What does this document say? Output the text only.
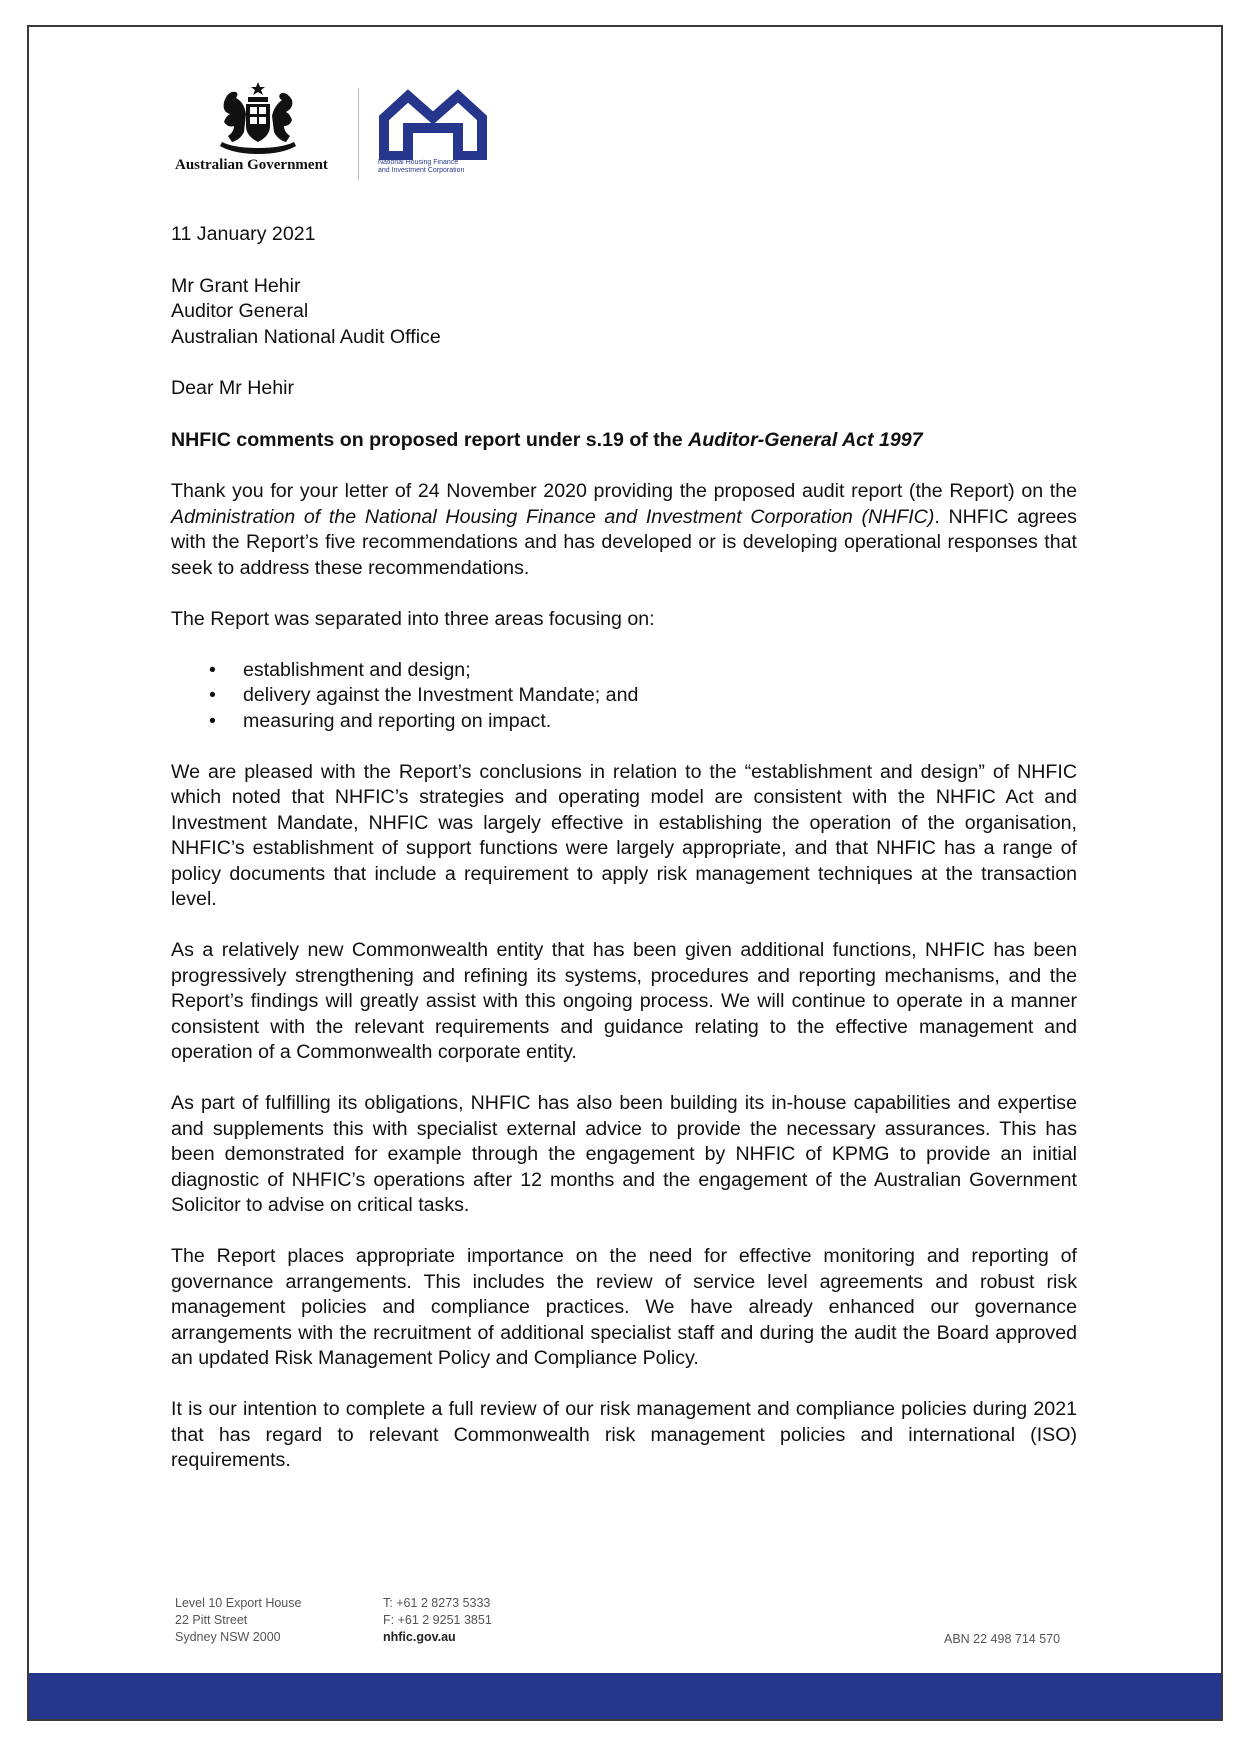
Australian Government	National Housing Finance
and Investment Corporation

11 January 2021

Mr Grant Hehir
Auditor General
Australian National Audit Office

Dear Mr Hehir

NHFIC comments on proposed report under s.19 of the Auditor-General Act 1997

Thank you for your letter of 24 November 2020 providing the proposed audit report (the Report) on the Administration of the National Housing Finance and Investment Corporation (NHFIC). NHFIC agrees with the Report’s five recommendations and has developed or is developing operational responses that seek to address these recommendations.

The Report was separated into three areas focusing on:

• establishment and design;
• delivery against the Investment Mandate; and
• measuring and reporting on impact.

We are pleased with the Report’s conclusions in relation to the “establishment and design” of NHFIC which noted that NHFIC’s strategies and operating model are consistent with the NHFIC Act and Investment Mandate, NHFIC was largely effective in establishing the operation of the organisation, NHFIC’s establishment of support functions were largely appropriate, and that NHFIC has a range of policy documents that include a requirement to apply risk management techniques at the transaction level.

As a relatively new Commonwealth entity that has been given additional functions, NHFIC has been progressively strengthening and refining its systems, procedures and reporting mechanisms, and the Report’s findings will greatly assist with this ongoing process. We will continue to operate in a manner consistent with the relevant requirements and guidance relating to the effective management and operation of a Commonwealth corporate entity.

As part of fulfilling its obligations, NHFIC has also been building its in-house capabilities and expertise and supplements this with specialist external advice to provide the necessary assurances. This has been demonstrated for example through the engagement by NHFIC of KPMG to provide an initial diagnostic of NHFIC’s operations after 12 months and the engagement of the Australian Government Solicitor to advise on critical tasks.

The Report places appropriate importance on the need for effective monitoring and reporting of governance arrangements. This includes the review of service level agreements and robust risk management policies and compliance practices. We have already enhanced our governance arrangements with the recruitment of additional specialist staff and during the audit the Board approved an updated Risk Management Policy and Compliance Policy.

It is our intention to complete a full review of our risk management and compliance policies during 2021 that has regard to relevant Commonwealth risk management policies and international (ISO) requirements.

Level 10 Export House
22 Pitt Street
Sydney NSW 2000
T: +61 2 8273 5333
F: +61 2 9251 3851
nhfic.gov.au	ABN 22 498 714 570
